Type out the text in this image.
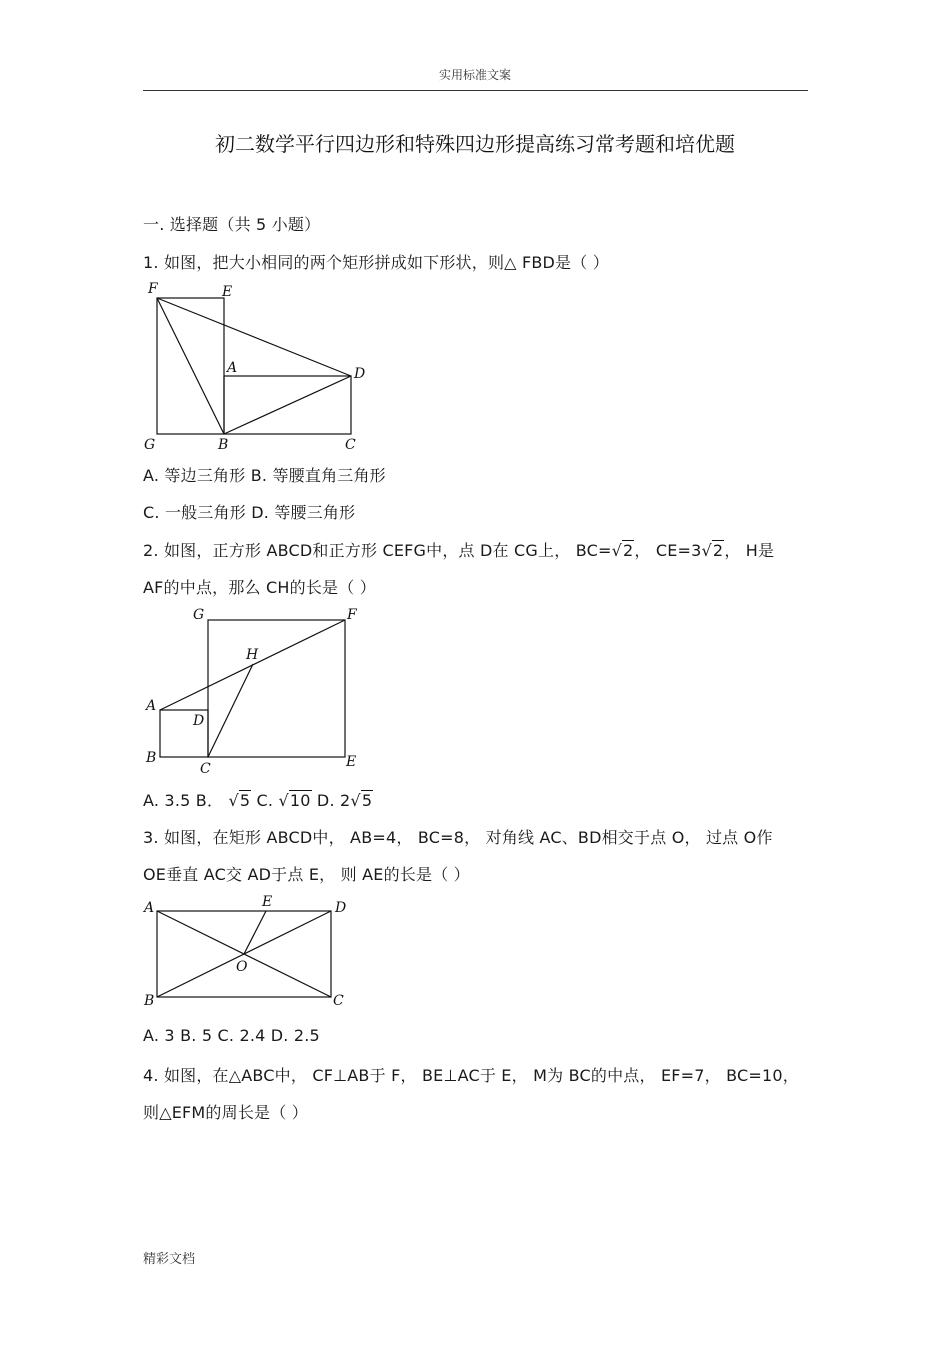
实用标准文案
初二数学平行四边形和特殊四边形提高练习常考题和培优题
一. 选择题（共 5 小题）
1. 如图，把大小相同的两个矩形拼成如下形状，则△ FBD是（ ）
F	E
A	D
G	B	C
A. 等边三角形 B. 等腰直角三角形
C. 一般三角形 D. 等腰三角形
2. 如图，正方形 ABCD和正方形 CEFG中，点 D在 CG上， BC=√2， CE=3√2， H是
AF的中点，那么 CH的长是（ ）
G	F
H
A
D
B
C	E
A. 3.5 B． √5 C. √10 D. 2√5
3. 如图，在矩形 ABCD中， AB=4， BC=8， 对角线 AC、BD相交于点 O， 过点 O作
OE垂直 AC交 AD于点 E， 则 AE的长是（ ）
A	E	D
O
B	C
A. 3 B. 5 C. 2.4 D. 2.5
4. 如图，在△ABC中， CF⊥AB于 F， BE⊥AC于 E， M为 BC的中点， EF=7， BC=10，
则△EFM的周长是（ ）
精彩文档
